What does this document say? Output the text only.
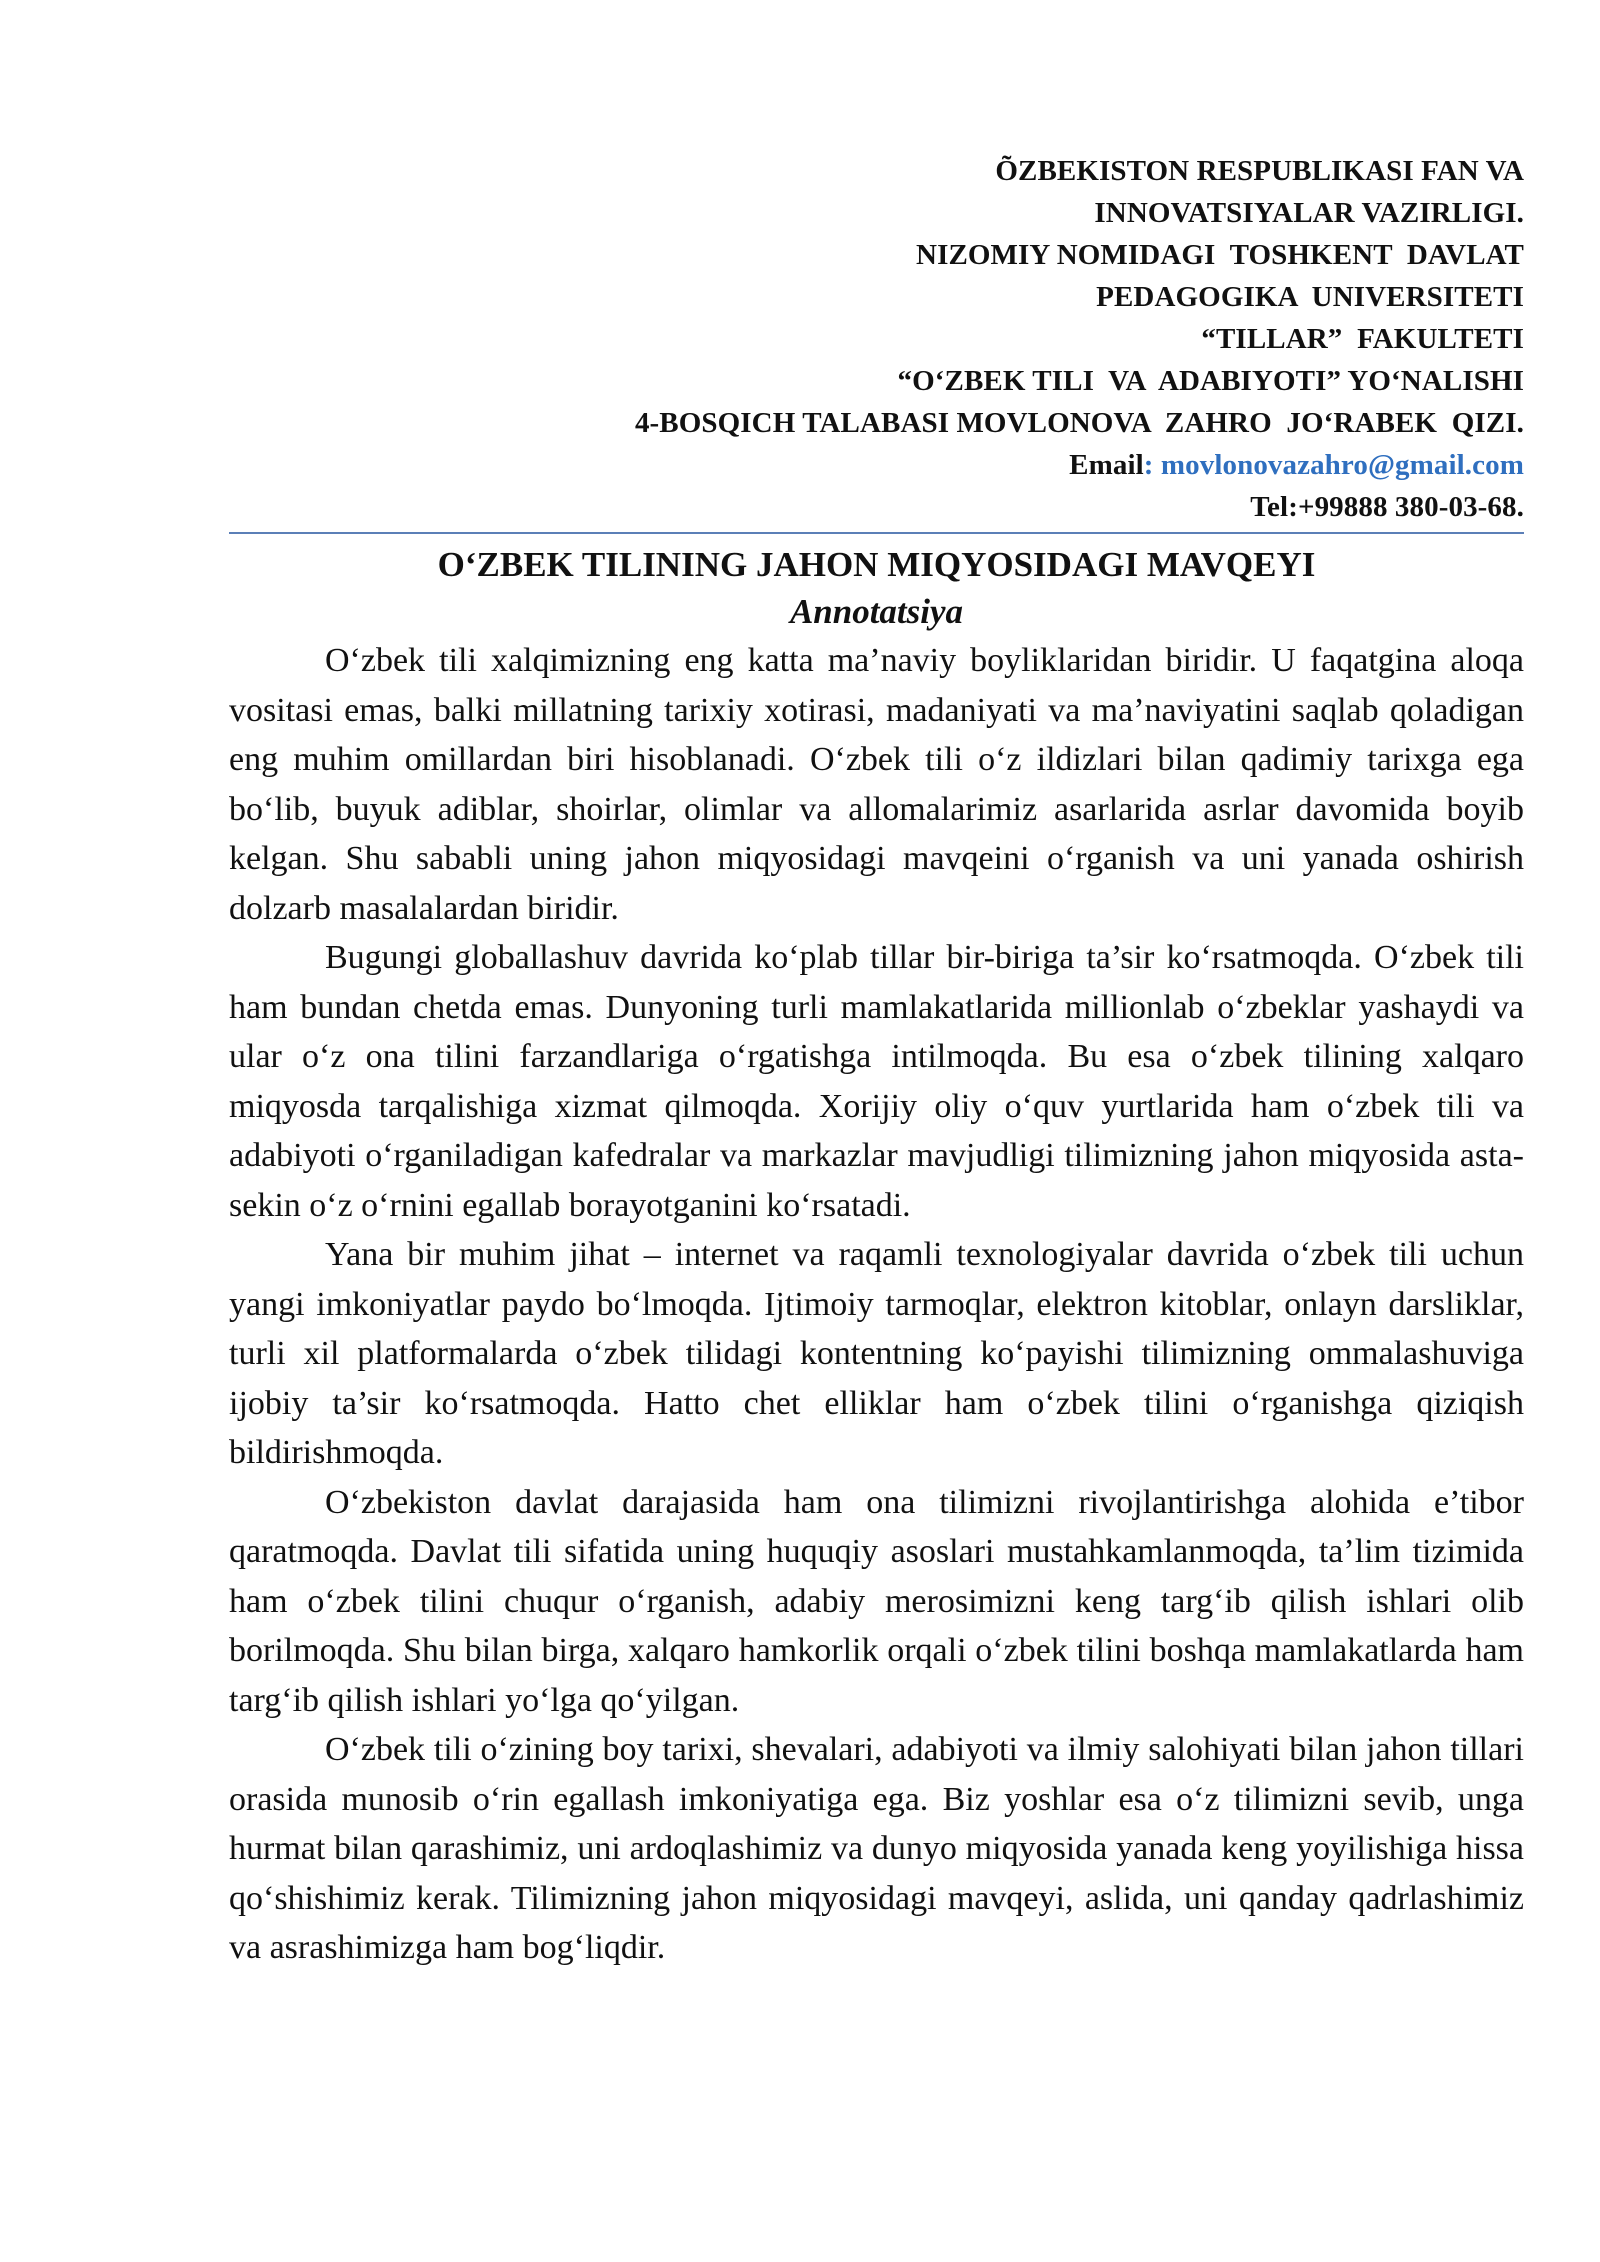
ÕZBEKISTON RESPUBLIKASI FAN VA
INNOVATSIYALAR VAZIRLIGI.
NIZOMIY NOMIDAGI  TOSHKENT  DAVLAT
PEDAGOGIKA  UNIVERSITETI
“TILLAR”  FAKULTETI
“O‘ZBEK TILI  VA  ADABIYOTI” YO‘NALISHI
4-BOSQICH TALABASI MOVLONOVA  ZAHRO  JO‘RABEK  QIZI.
Email: movlonovazahro@gmail.com
Tel:+99888 380-03-68.
O‘ZBEK TILINING JAHON MIQYOSIDAGI MAVQEYI
Annotatsiya

O‘zbek tili xalqimizning eng katta ma’naviy boyliklaridan biridir. U faqatgina aloqa vositasi emas, balki millatning tarixiy xotirasi, madaniyati va ma’naviyatini saqlab qoladigan eng muhim omillardan biri hisoblanadi. O‘zbek tili o‘z ildizlari bilan qadimiy tarixga ega bo‘lib, buyuk adiblar, shoirlar, olimlar va allomalarimiz asarlarida asrlar davomida boyib kelgan. Shu sababli uning jahon miqyosidagi mavqeini o‘rganish va uni yanada oshirish dolzarb masalalardan biridir.

Bugungi globallashuv davrida ko‘plab tillar bir-biriga ta’sir ko‘rsatmoqda. O‘zbek tili ham bundan chetda emas. Dunyoning turli mamlakatlarida millionlab o‘zbeklar yashaydi va ular o‘z ona tilini farzandlariga o‘rgatishga intilmoqda. Bu esa o‘zbek tilining xalqaro miqyosda tarqalishiga xizmat qilmoqda. Xorijiy oliy o‘quv yurtlarida ham o‘zbek tili va adabiyoti o‘rganiladigan kafedralar va markazlar mavjudligi tilimizning jahon miqyosida asta-sekin o‘z o‘rnini egallab borayotganini ko‘rsatadi.

Yana bir muhim jihat – internet va raqamli texnologiyalar davrida o‘zbek tili uchun yangi imkoniyatlar paydo bo‘lmoqda. Ijtimoiy tarmoqlar, elektron kitoblar, onlayn darsliklar, turli xil platformalarda o‘zbek tilidagi kontentning ko‘payishi tilimizning ommalashuviga ijobiy ta’sir ko‘rsatmoqda. Hatto chet elliklar ham o‘zbek tilini o‘rganishga qiziqish bildirishmoqda.

O‘zbekiston davlat darajasida ham ona tilimizni rivojlantirishga alohida e’tibor qaratmoqda. Davlat tili sifatida uning huquqiy asoslari mustahkamlanmoqda, ta’lim tizimida ham o‘zbek tilini chuqur o‘rganish, adabiy merosimizni keng targ‘ib qilish ishlari olib borilmoqda. Shu bilan birga, xalqaro hamkorlik orqali o‘zbek tilini boshqa mamlakatlarda ham targ‘ib qilish ishlari yo‘lga qo‘yilgan.

O‘zbek tili o‘zining boy tarixi, shevalari, adabiyoti va ilmiy salohiyati bilan jahon tillari orasida munosib o‘rin egallash imkoniyatiga ega. Biz yoshlar esa o‘z tilimizni sevib, unga hurmat bilan qarashimiz, uni ardoqlashimiz va dunyo miqyosida yanada keng yoyilishiga hissa qo‘shishimiz kerak. Tilimizning jahon miqyosidagi mavqeyi, aslida, uni qanday qadrlashimiz va asrashimizga ham bog‘liqdir.
